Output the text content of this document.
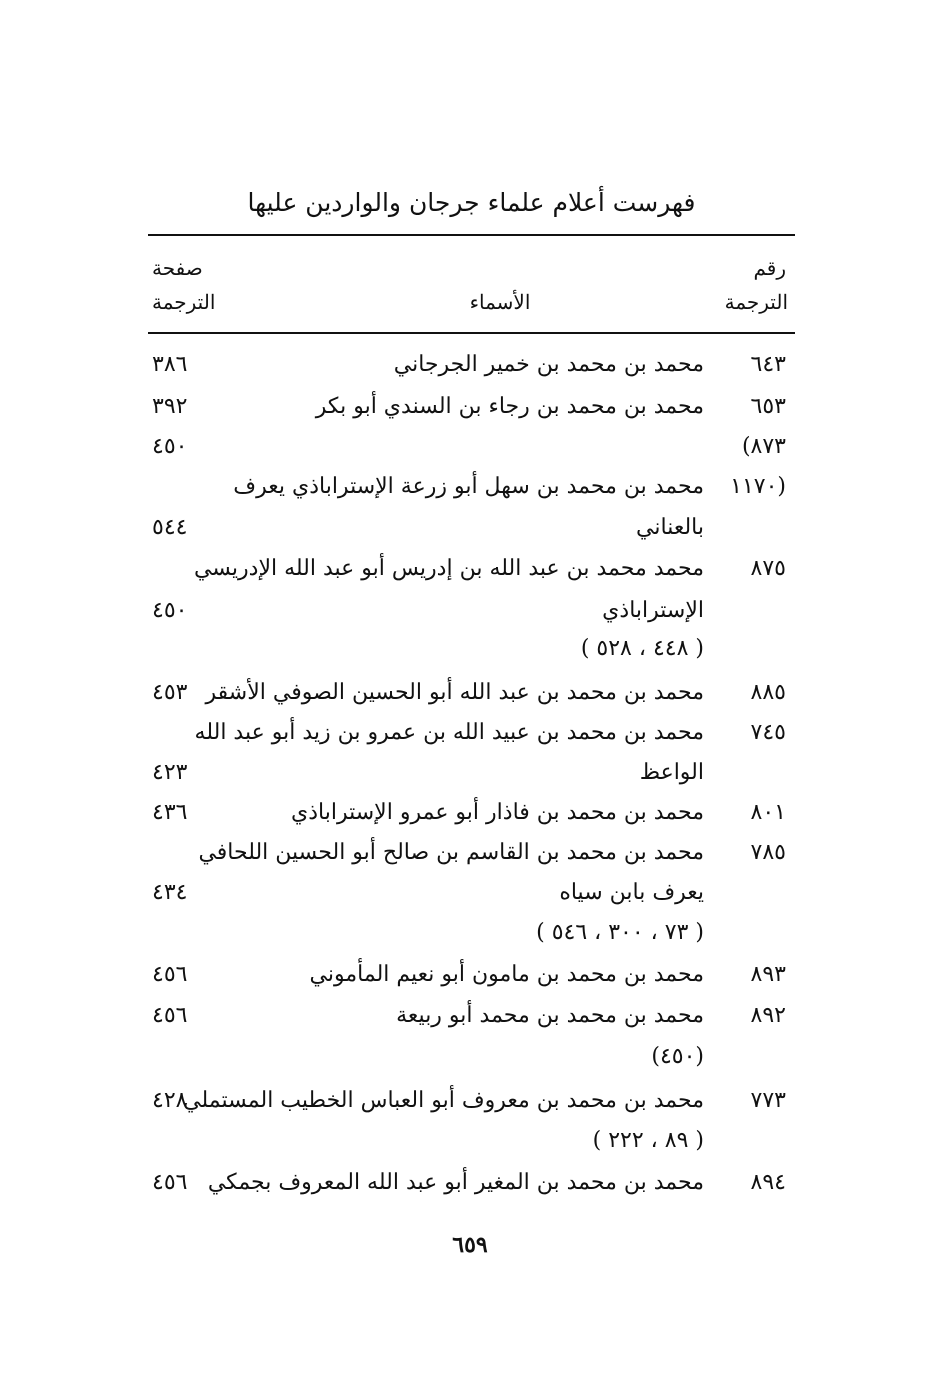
فهرست أعلام علماء جرجان والواردين عليها
رقم
الترجمة
الأسماء
صفحة
الترجمة
٦٤٣
محمد بن محمد بن خمير الجرجاني
٣٨٦
٦٥٣
محمد بن محمد بن رجاء بن السندي أبو بكر
٣٩٢
٨٧٣)
٤٥٠
(١١٧٠
محمد بن محمد بن سهل أبو زرعة الإستراباذي يعرف
بالعناني
٥٤٤
٨٧٥
محمد محمد بن عبد الله بن إدريس أبو عبد الله الإدريسي
الإستراباذي
٤٥٠
( ٤٤٨ ، ٥٢٨ )
٨٨٥
محمد بن محمد بن عبد الله أبو الحسين الصوفي الأشقر
٤٥٣
٧٤٥
محمد بن محمد بن عبيد الله بن عمرو بن زيد أبو عبد الله
الواعظ
٤٢٣
٨٠١
محمد بن محمد بن فاذار أبو عمرو الإستراباذي
٤٣٦
٧٨٥
محمد بن محمد بن القاسم بن صالح أبو الحسين اللحافي
يعرف بابن سياه
٤٣٤
( ٧٣ ، ٣٠٠ ، ٥٤٦ )
٨٩٣
محمد بن محمد بن مامون أبو نعيم المأموني
٤٥٦
٨٩٢
محمد بن محمد بن محمد أبو ربيعة
٤٥٦
(٤٥٠)
٧٧٣
محمد بن محمد بن معروف أبو العباس الخطيب المستملي
٤٢٨
( ٨٩ ، ٢٢٢ )
٨٩٤
محمد بن محمد بن المغير أبو عبد الله المعروف بجمكي
٤٥٦
٦٥٩
